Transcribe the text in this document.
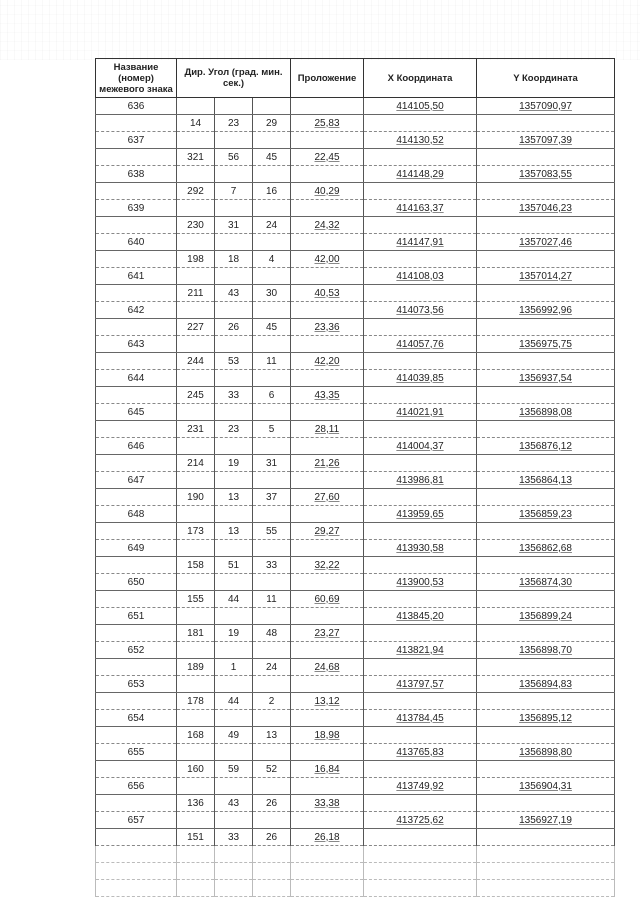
Название (номер) межевого знака	Дир. Угол (град. мин. сек.)			Проложение	X Координата	Y Координата
636					414105,50	1357090,97
	14	23	29	25,83		
637					414130,52	1357097,39
	321	56	45	22,45		
638					414148,29	1357083,55
	292	7	16	40,29		
639					414163,37	1357046,23
	230	31	24	24,32		
640					414147,91	1357027,46
	198	18	4	42,00		
641					414108,03	1357014,27
	211	43	30	40,53		
642					414073,56	1356992,96
	227	26	45	23,36		
643					414057,76	1356975,75
	244	53	11	42,20		
644					414039,85	1356937,54
	245	33	6	43,35		
645					414021,91	1356898,08
	231	23	5	28,11		
646					414004,37	1356876,12
	214	19	31	21,26		
647					413986,81	1356864,13
	190	13	37	27,60		
648					413959,65	1356859,23
	173	13	55	29,27		
649					413930,58	1356862,68
	158	51	33	32,22		
650					413900,53	1356874,30
	155	44	11	60,69		
651					413845,20	1356899,24
	181	19	48	23,27		
652					413821,94	1356898,70
	189	1	24	24,68		
653					413797,57	1356894,83
	178	44	2	13,12		
654					413784,45	1356895,12
	168	49	13	18,98		
655					413765,83	1356898,80
	160	59	52	16,84		
656					413749,92	1356904,31
	136	43	26	33,38		
657					413725,62	1356927,19
	151	33	26	26,18		
